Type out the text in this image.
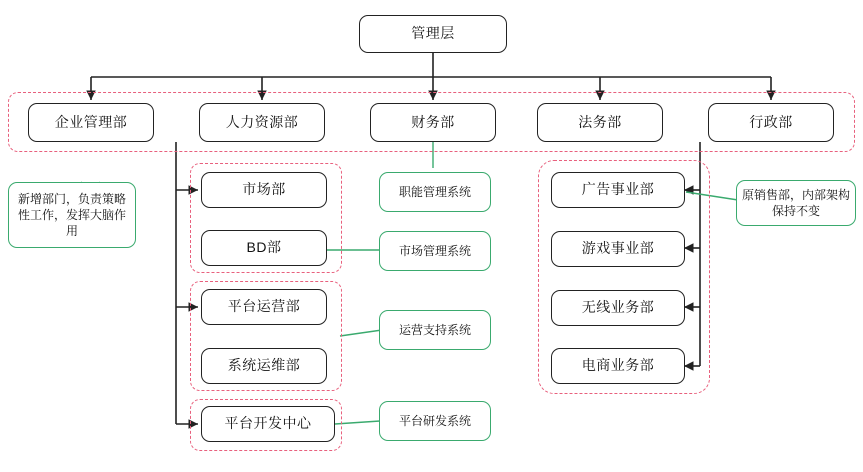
管理层
企业管理部	人力资源部	财务部	法务部	行政部
市场部
BD部
平台运营部
系统运维部
平台开发中心
广告事业部
游戏事业部
无线业务部
电商业务部
新增部门，负责策略性工作，发挥大脑作用
职能管理系统
市场管理系统
运营支持系统
平台研发系统
原销售部，内部架构保持不变
